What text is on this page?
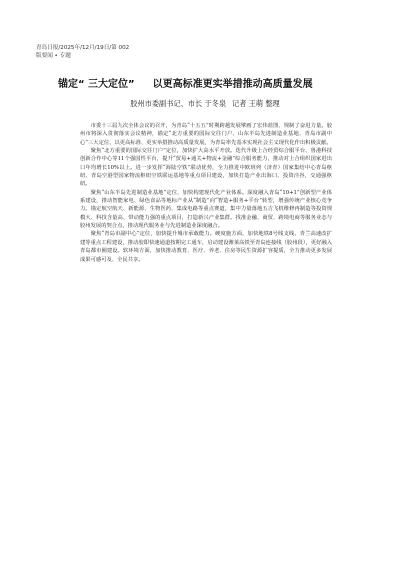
青岛日报/2025年/12月/19日/第 002
版要闻 • 专题
锚定“ 三大定位” 以更高标准更实举措推动高质量发展
胶州市委副书记、市长 于冬泉 记者 王萌 整理

市委十三届九次全体会议的召开，为青岛“十五五”时期跨越发展擘画了宏伟蓝图、规制了奋进力量。胶州市将深入贯彻落实会议精神，锚定“北方重要的国际交往门户、山东半岛先进制造业基地、青岛市副中心”三大定位，以更高标准、更实举措推动高质量发展，为青岛率先基本实现社会主义现代化作出积极贡献。

聚焦“北方重要的国际交往门户”定位，加快扩大高水平开放。迭代升级上合经贸综合服平台、鲁港科技创新合作中心等11个强国性平台，提升“贸易+通关+物流+金融”综合服务能力，推动对上合组织国家进出口年均增长10%以上。进一步发挥“海陆空铁”联动优势，全力推进中欧班列（济青）国家集结中心青岛枢纽、青岛空港型国家物流枢纽空铁联运基地等重点项目建设，加快打造产业出海口、投资洼谷，交通强枢纽。

聚焦“山东半岛先进制造业基地”定位，加快构建现代化产业体系。深度融入青岛“10+1”创新型产业体系建设，推动智能家电、绿色食品等地标产业从“制造”向“智造+服务+平台”转型，增强传统产业核心竞争力。锚定航空航天、新能源、生物医药、集成电路等重点赛道，集中力量落地五吉飞机维修再制造等投资规模大、科技含量高、带动能力强的重点项目，打造新兴产业集群。找准金融、商贸、跨境电商等服务业态与胶州发展的契合点，推动现代服务业与先进制造业深度融合。

聚焦“青岛市副中心”定位，加快提升城市承载能力。硬度施方面，加快地铁8号线支线、青兰高速改扩建等重点工程建设，推动胶即快速通道按期完工通车，启动建设潍莱高铁至青岛连接线（胶州段），更好融入青岛都市圈建设。软环境方面，加快推动教育、医疗、养老、住房等民生资源扩容提质，全力推动更多发展成果可感可及、全民共享。
